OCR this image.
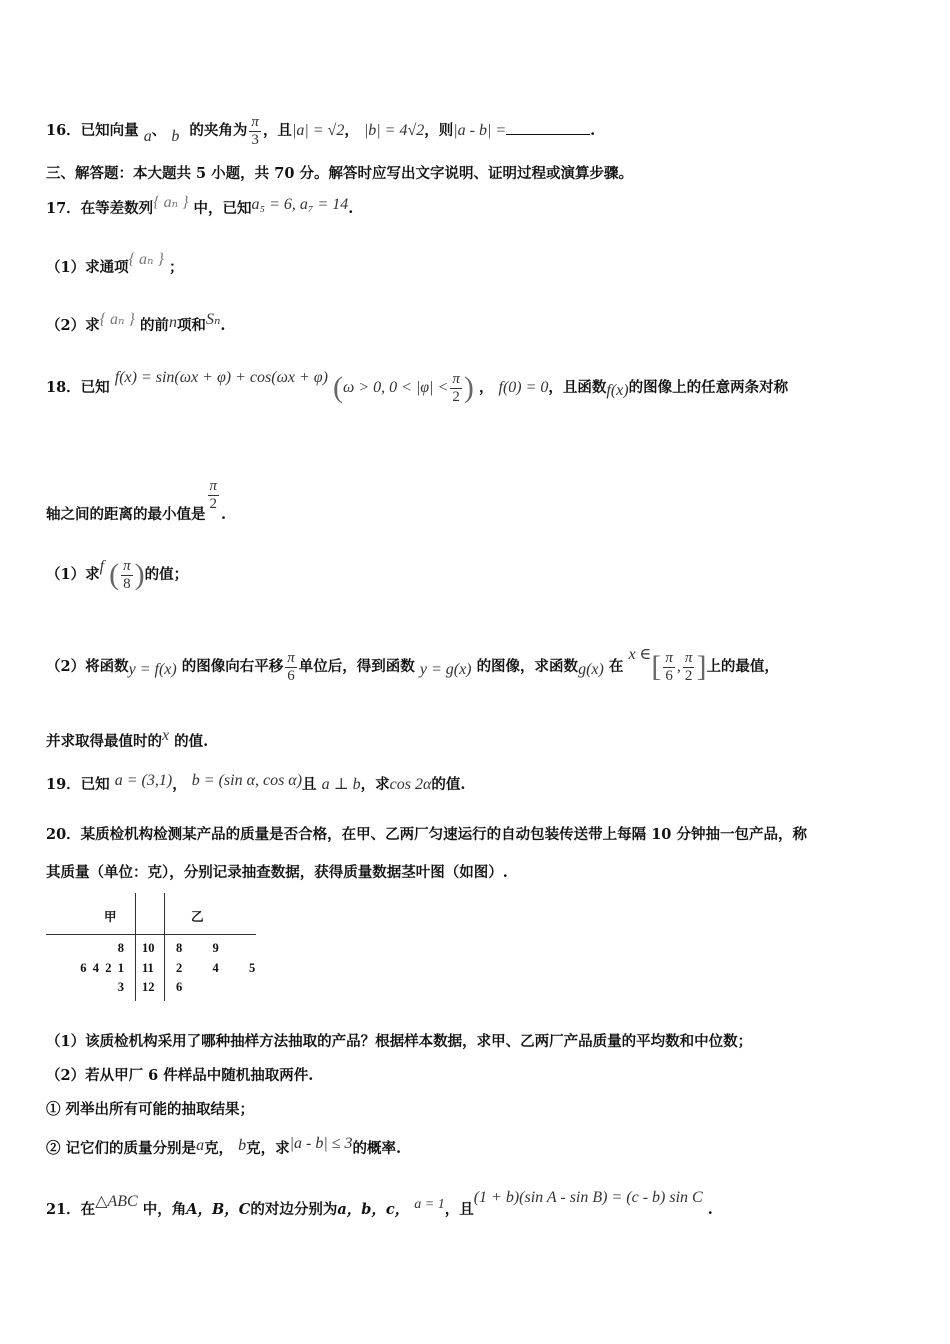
16．已知向量 a、 b 的夹角为 $\frac{\pi}{3}$ ，且|a| = √2， |b| = 4√2，则|a - b| =	.
三、解答题：本大题共 5 小题，共 70 分。解答时应写出文字说明、证明过程或演算步骤。
17．在等差数列{ aₙ } 中，已知a₅ = 6, a₇ = 14.
（1）求通项{ aₙ } ；
（2）求{ aₙ } 的前n项和Sₙ.
18．已知 f(x) = sin(ωx + φ) + cos(ωx + φ) (ω > 0, $0 < |\varphi| < \frac{\pi}{2}$ ) ， f(0) = 0，且函数f(x)的图像上的任意两条对称
轴之间的距离的最小值是
$\frac{\pi}{2}$
.
（1）求f ( $\frac{\pi}{8}$ )的值；
（2）将函数y = f(x) 的图像向右平移 $\frac{\pi}{6}$ 单位后，得到函数 y = g(x) 的图像，求函数g(x) 在 x ∈[ $\frac{\pi}{6}$ , $\frac{\pi}{2}$ ]上的最值，
并求取得最值时的x 的值.
19．已知 a = (3,1)， b = (sin α, cos α)且 a ⊥ b，求cos 2α的值.
20．某质检机构检测某产品的质量是否合格，在甲、乙两厂匀速运行的自动包装传送带上每隔 10 分钟抽一包产品，称
其质量（单位：克），分别记录抽查数据，获得质量数据茎叶图（如图）.
甲	乙
8
6  4  2  1
3
10
11
12
8  9
2  4  5
6
（1）该质检机构采用了哪种抽样方法抽取的产品？根据样本数据，求甲、乙两厂产品质量的平均数和中位数；
（2）若从甲厂 6 件样品中随机抽取两件.
① 列举出所有可能的抽取结果；
② 记它们的质量分别是a克， b克，求|a - b| ≤ 3的概率.
21．在△ABC 中，角A，B，C的对边分别为a，b，c， a = 1，且(1 + b)(sin A - sin B) = (c - b) sin C .
